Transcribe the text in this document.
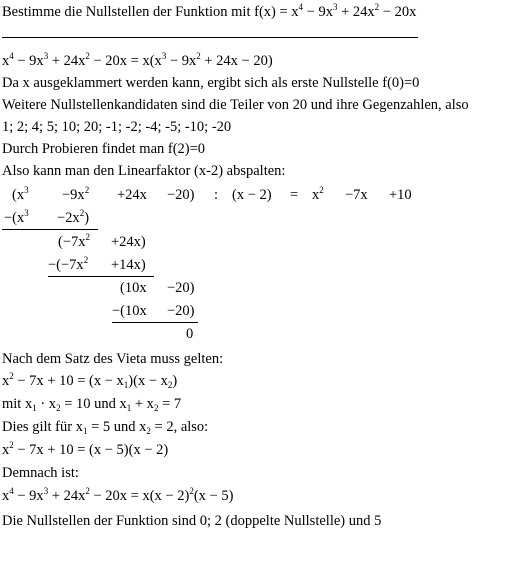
Bestimme die Nullstellen der Funktion mit $f(x) = x^4 - 9x^3 + 24x^2 - 20x$
$x^4 - 9x^3 + 24x^2 - 20x = x(x^3 - 9x^2 + 24x - 20)$
Da x ausgeklammert werden kann, ergibt sich als erste Nullstelle f(0)=0
Weitere Nullstellenkandidaten sind die Teiler von 20 und ihre Gegenzahlen, also
1; 2; 4; 5; 10; 20; -1; -2; -4; -5; -10; -20
Durch Probieren findet man f(2)=0
Also kann man den Linearfaktor (x-2) abspalten:
$(x^3 -9x^2 +24x -20)$ : $(x - 2) = x^2 -7x +10$
$-(x^3 -2x^2)$
$(-7x^2 +24x)$
$-(-7x^2 +14x)$
(10x −20)
−(10x −20)
0
Nach dem Satz des Vieta muss gelten:
$x^2 - 7x + 10 = (x - x_1)(x - x_2)$
mit $x_1 \cdot x_2 = 10$ und $x_1 + x_2 = 7$
Dies gilt für $x_1 = 5$ und $x_2 = 2$, also:
$x^2 - 7x + 10 = (x - 5)(x - 2)$
Demnach ist:
$x^4 - 9x^3 + 24x^2 - 20x = x(x - 2)^2(x - 5)$
Die Nullstellen der Funktion sind 0; 2 (doppelte Nullstelle) und 5
